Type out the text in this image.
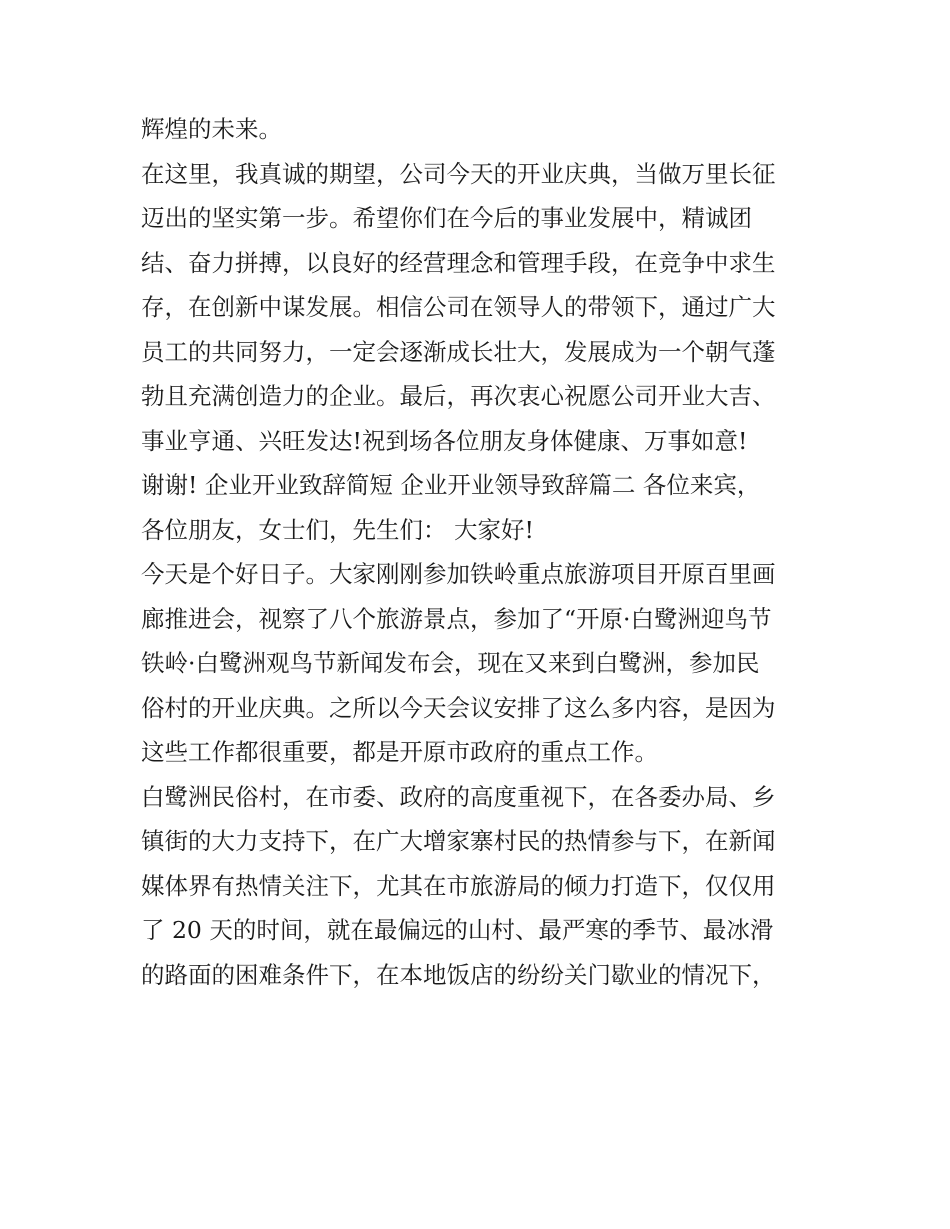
辉煌的未来。
在这里，我真诚的期望，公司今天的开业庆典，当做万里长征
迈出的坚实第一步。希望你们在今后的事业发展中，精诚团
结、奋力拼搏，以良好的经营理念和管理手段，在竞争中求生
存，在创新中谋发展。相信公司在领导人的带领下，通过广大
员工的共同努力，一定会逐渐成长壮大，发展成为一个朝气蓬
勃且充满创造力的企业。最后，再次衷心祝愿公司开业大吉、
事业亨通、兴旺发达!祝到场各位朋友身体健康、万事如意!
谢谢! 企业开业致辞简短 企业开业领导致辞篇二 各位来宾，
各位朋友，女士们，先生们： 大家好!
今天是个好日子。大家刚刚参加铁岭重点旅游项目开原百里画
廊推进会，视察了八个旅游景点，参加了“开原·白鹭洲迎鸟节
铁岭·白鹭洲观鸟节新闻发布会，现在又来到白鹭洲，参加民
俗村的开业庆典。之所以今天会议安排了这么多内容，是因为
这些工作都很重要，都是开原市政府的重点工作。
白鹭洲民俗村，在市委、政府的高度重视下，在各委办局、乡
镇街的大力支持下，在广大增家寨村民的热情参与下，在新闻
媒体界有热情关注下，尤其在市旅游局的倾力打造下，仅仅用
了 20 天的时间，就在最偏远的山村、最严寒的季节、最冰滑
的路面的困难条件下，在本地饭店的纷纷关门歇业的情况下，
